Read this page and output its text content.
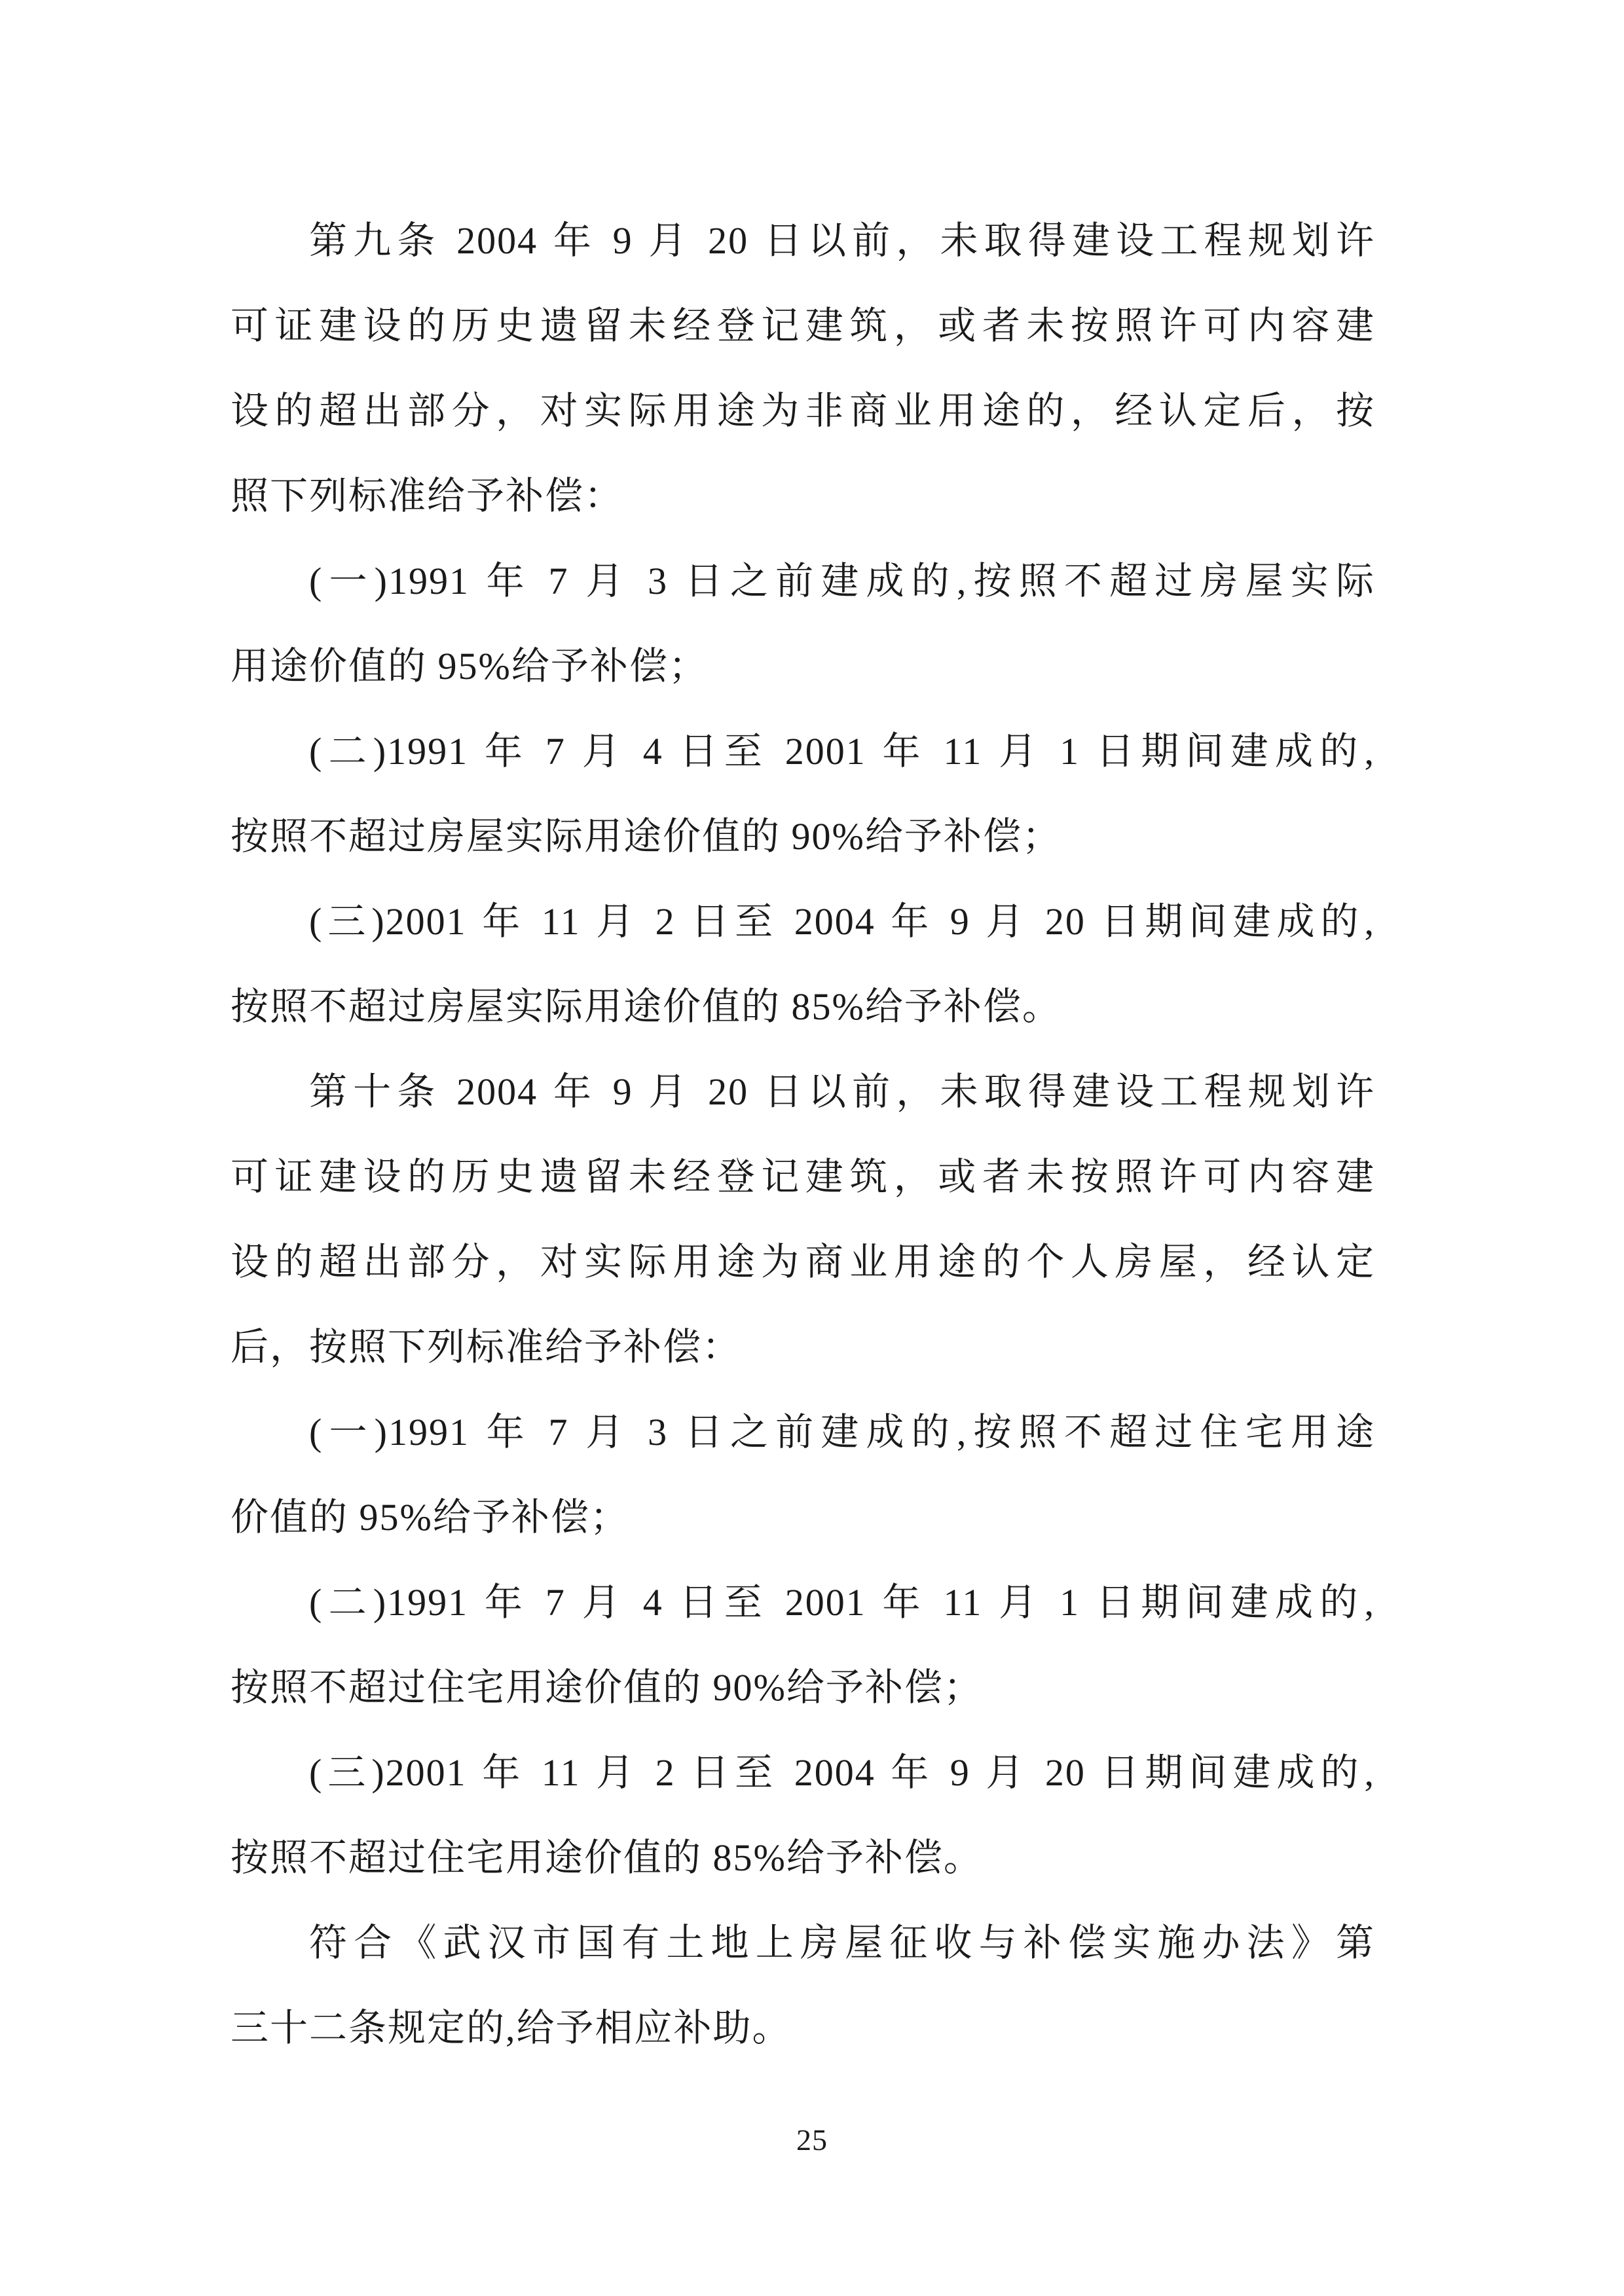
第九条 2004 年 9 月 20 日以前，未取得建设工程规划许
可证建设的历史遗留未经登记建筑，或者未按照许可内容建
设的超出部分，对实际用途为非商业用途的，经认定后，按
照下列标准给予补偿：
(一)1991 年 7 月 3 日之前建成的,按照不超过房屋实际
用途价值的 95%给予补偿；
(二)1991 年 7 月 4 日至 2001 年 11 月 1 日期间建成的,
按照不超过房屋实际用途价值的 90%给予补偿；
(三)2001 年 11 月 2 日至 2004 年 9 月 20 日期间建成的,
按照不超过房屋实际用途价值的 85%给予补偿。
第十条 2004 年 9 月 20 日以前，未取得建设工程规划许
可证建设的历史遗留未经登记建筑，或者未按照许可内容建
设的超出部分，对实际用途为商业用途的个人房屋，经认定
后，按照下列标准给予补偿：
(一)1991 年 7 月 3 日之前建成的,按照不超过住宅用途
价值的 95%给予补偿；
(二)1991 年 7 月 4 日至 2001 年 11 月 1 日期间建成的,
按照不超过住宅用途价值的 90%给予补偿；
(三)2001 年 11 月 2 日至 2004 年 9 月 20 日期间建成的,
按照不超过住宅用途价值的 85%给予补偿。
符合《武汉市国有土地上房屋征收与补偿实施办法》第
三十二条规定的,给予相应补助。
25
